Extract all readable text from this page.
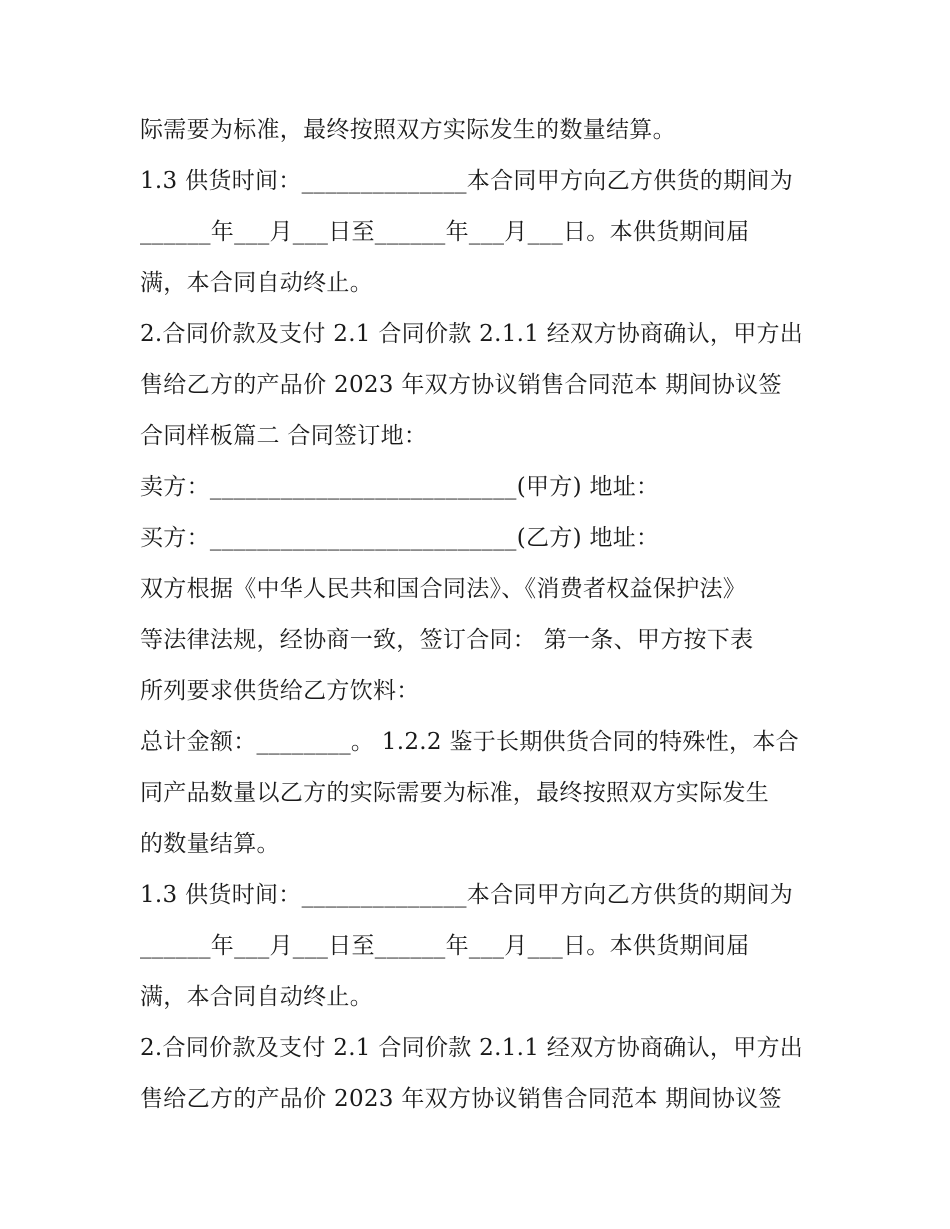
际需要为标准，最终按照双方实际发生的数量结算。
1.3 供货时间：______________本合同甲方向乙方供货的期间为
______年___月___日至______年___月___日。本供货期间届
满，本合同自动终止。
2.合同价款及支付 2.1 合同价款 2.1.1 经双方协商确认，甲方出
售给乙方的产品价 2023 年双方协议销售合同范本 期间协议签
合同样板篇二 合同签订地：
卖方：__________________________(甲方) 地址：
买方：__________________________(乙方) 地址：
双方根据《中华人民共和国合同法》、《消费者权益保护法》
等法律法规，经协商一致，签订合同： 第一条、甲方按下表
所列要求供货给乙方饮料：
总计金额：________。 1.2.2 鉴于长期供货合同的特殊性，本合
同产品数量以乙方的实际需要为标准，最终按照双方实际发生
的数量结算。
1.3 供货时间：______________本合同甲方向乙方供货的期间为
______年___月___日至______年___月___日。本供货期间届
满，本合同自动终止。
2.合同价款及支付 2.1 合同价款 2.1.1 经双方协商确认，甲方出
售给乙方的产品价 2023 年双方协议销售合同范本 期间协议签
